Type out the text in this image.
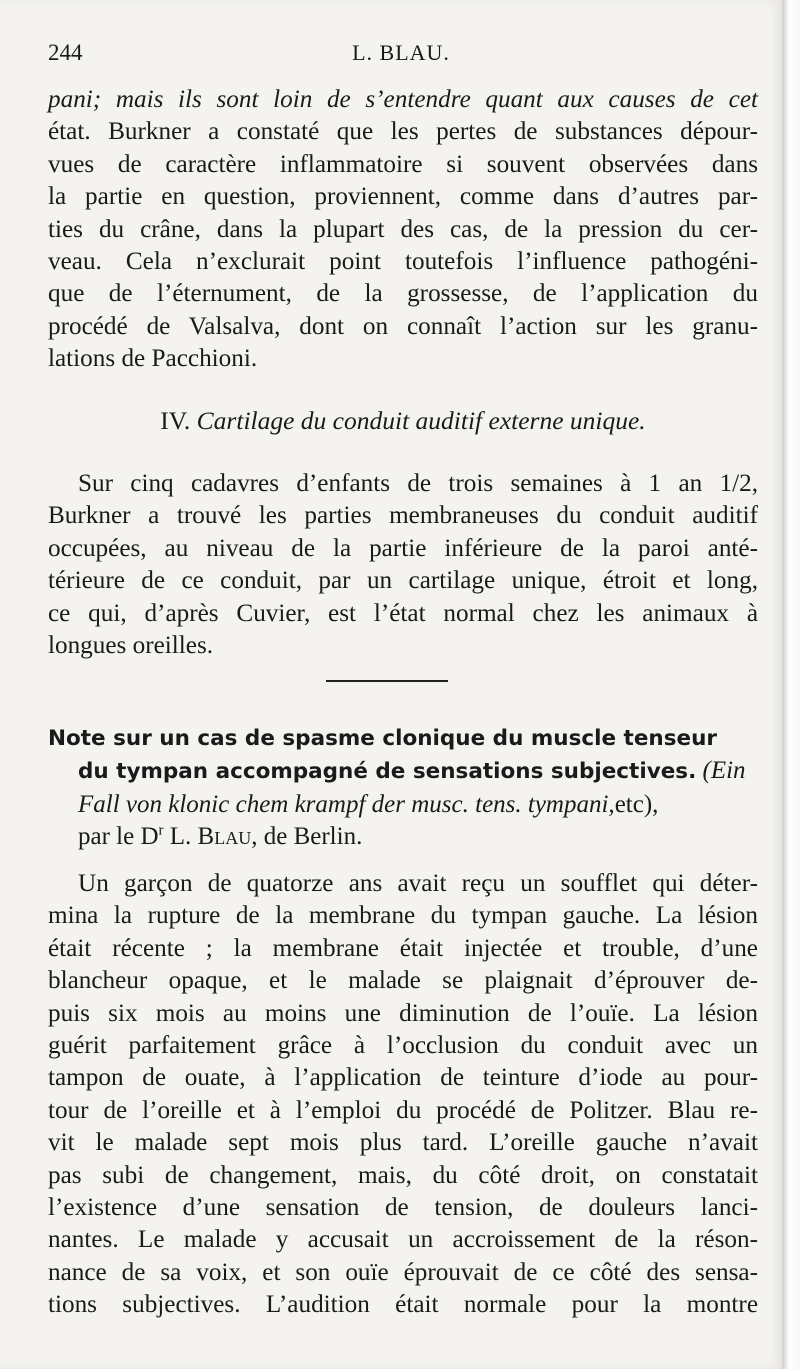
244	L. BLAU.
pani; mais ils sont loin de s’entendre quant aux causes de cet
état. Burkner a constaté que les pertes de substances dépour-
vues de caractère inflammatoire si souvent observées dans
la partie en question, proviennent, comme dans d’autres par-
ties du crâne, dans la plupart des cas, de la pression du cer-
veau. Cela n’exclurait point toutefois l’influence pathogéni-
que de l’éternument, de la grossesse, de l’application du
procédé de Valsalva, dont on connaît l’action sur les granu-
lations de Pacchioni.
IV. Cartilage du conduit auditif externe unique.
Sur cinq cadavres d’enfants de trois semaines à 1 an 1/2,
Burkner a trouvé les parties membraneuses du conduit auditif
occupées, au niveau de la partie inférieure de la paroi anté-
térieure de ce conduit, par un cartilage unique, étroit et long,
ce qui, d’après Cuvier, est l’état normal chez les animaux à
longues oreilles.
Note sur un cas de spasme clonique du muscle tenseur
du tympan accompagné de sensations subjectives. (Ein
Fall von klonic chem krampf der musc. tens. tympani,etc),
par le $D^r$ L. Blau, de Berlin.
Un garçon de quatorze ans avait reçu un soufflet qui déter-
mina la rupture de la membrane du tympan gauche. La lésion
était récente ; la membrane était injectée et trouble, d’une
blancheur opaque, et le malade se plaignait d’éprouver de-
puis six mois au moins une diminution de l’ouïe. La lésion
guérit parfaitement grâce à l’occlusion du conduit avec un
tampon de ouate, à l’application de teinture d’iode au pour-
tour de l’oreille et à l’emploi du procédé de Politzer. Blau re-
vit le malade sept mois plus tard. L’oreille gauche n’avait
pas subi de changement, mais, du côté droit, on constatait
l’existence d’une sensation de tension, de douleurs lanci-
nantes. Le malade y accusait un accroissement de la réson-
nance de sa voix, et son ouïe éprouvait de ce côté des sensa-
tions subjectives. L’audition était normale pour la montre
